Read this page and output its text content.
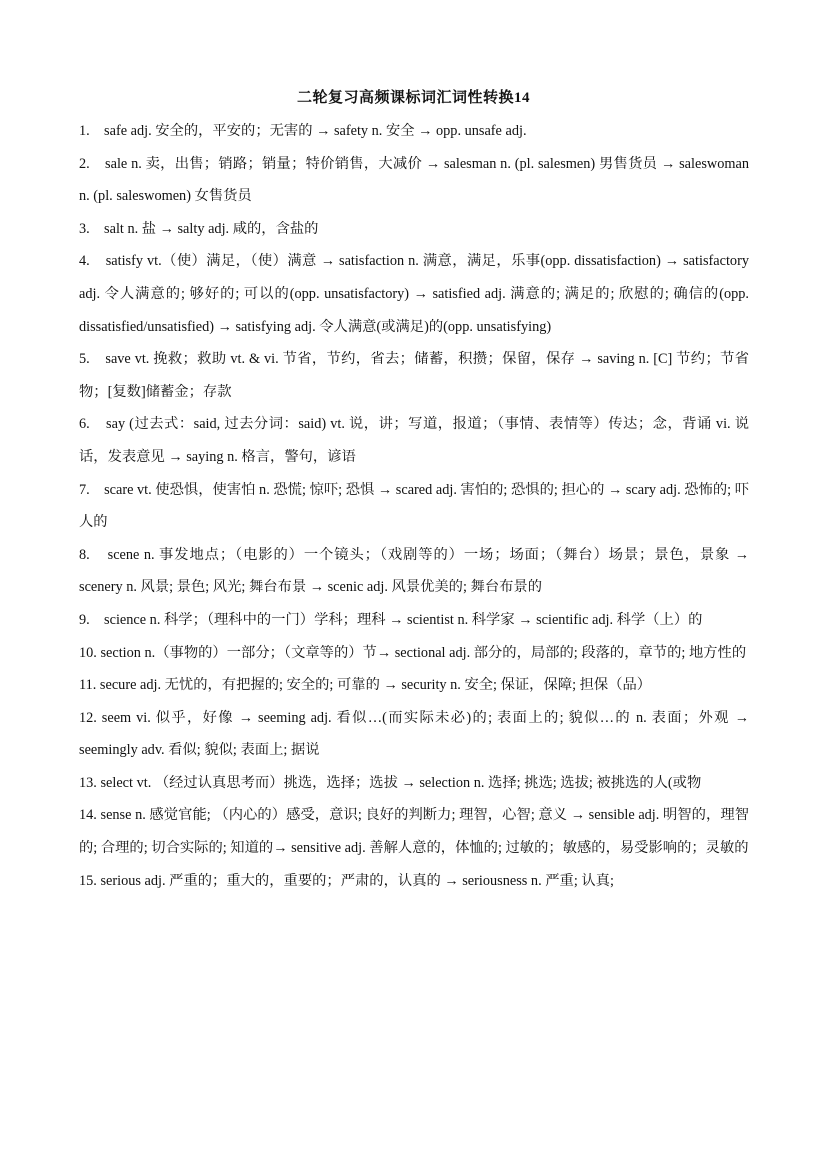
二轮复习高频课标词汇词性转换14

1. safe adj. 安全的，平安的；无害的 → safety n. 安全 → opp. unsafe adj.

2. sale n. 卖，出售；销路；销量；特价销售，大减价 → salesman n. (pl. salesmen) 男售货员 → saleswoman n. (pl. saleswomen) 女售货员

3. salt n. 盐 → salty adj. 咸的，含盐的

4. satisfy vt.（使）满足，（使）满意 → satisfaction n. 满意，满足，乐事(opp. dissatisfaction) → satisfactory adj. 令人满意的; 够好的; 可以的(opp. unsatisfactory) → satisfied adj. 满意的; 满足的; 欣慰的; 确信的(opp. dissatisfied/unsatisfied) → satisfying adj. 令人满意(或满足)的(opp. unsatisfying)

5. save vt. 挽救；救助 vt. & vi. 节省，节约，省去；储蓄，积攒；保留，保存 → saving n. [C] 节约；节省物；[复数]储蓄金；存款

6. say (过去式：said, 过去分词：said) vt. 说，讲；写道，报道；（事情、表情等）传达；念，背诵 vi. 说话，发表意见 → saying n. 格言，警句，谚语

7. scare vt. 使恐惧，使害怕 n. 恐慌; 惊吓; 恐惧 → scared adj. 害怕的; 恐惧的; 担心的 → scary adj. 恐怖的; 吓人的

8. scene n. 事发地点；（电影的）一个镜头；（戏剧等的）一场；场面；（舞台）场景；景色，景象 → scenery n. 风景; 景色; 风光; 舞台布景 → scenic adj. 风景优美的; 舞台布景的

9. science n. 科学；（理科中的一门）学科；理科 → scientist n. 科学家 → scientific adj. 科学（上）的

10. section n.（事物的）一部分；（文章等的）节→ sectional adj. 部分的，局部的; 段落的，章节的; 地方性的

11. secure adj. 无忧的，有把握的; 安全的; 可靠的 → security n. 安全; 保证，保障; 担保（品）

12. seem vi. 似乎，好像 → seeming adj. 看似…(而实际未必)的; 表面上的; 貌似…的 n. 表面；外观 → seemingly adv. 看似; 貌似; 表面上; 据说

13. select vt. （经过认真思考而）挑选，选择；选拔 → selection n. 选择; 挑选; 选拔; 被挑选的人(或物

14. sense n. 感觉官能; （内心的）感受，意识; 良好的判断力; 理智，心智; 意义 → sensible adj. 明智的，理智的; 合理的; 切合实际的; 知道的→ sensitive adj. 善解人意的，体恤的; 过敏的；敏感的，易受影响的；灵敏的

15. serious adj. 严重的；重大的，重要的；严肃的，认真的 → seriousness n. 严重; 认真;
